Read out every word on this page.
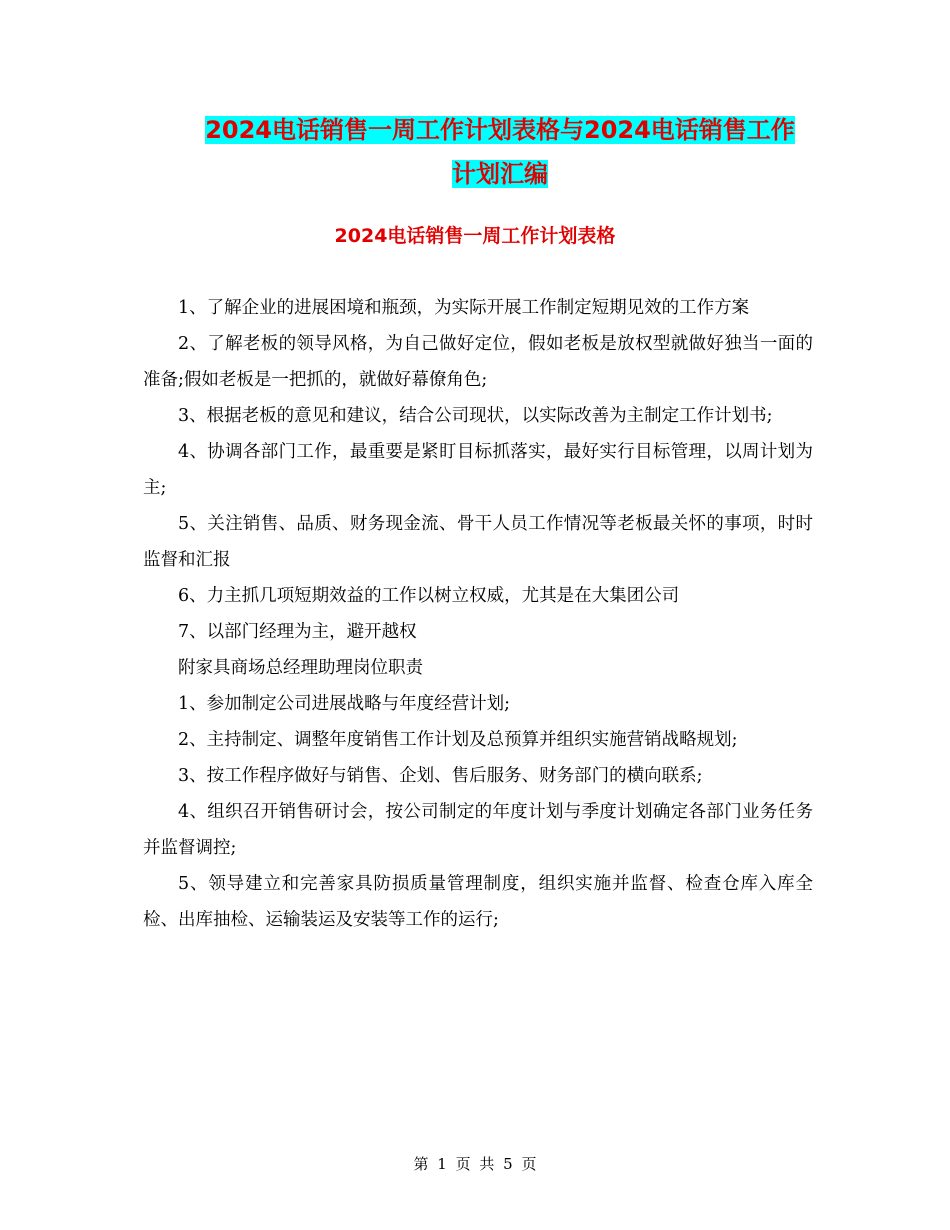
2024电话销售一周工作计划表格与2024电话销售工作
计划汇编
2024电话销售一周工作计划表格

1、了解企业的进展困境和瓶颈，为实际开展工作制定短期见效的工作方案

2、了解老板的领导风格，为自己做好定位，假如老板是放权型就做好独当一面的准备;假如老板是一把抓的，就做好幕僚角色;

3、根据老板的意见和建议，结合公司现状，以实际改善为主制定工作计划书;

4、协调各部门工作，最重要是紧盯目标抓落实，最好实行目标管理，以周计划为主;

5、关注销售、品质、财务现金流、骨干人员工作情况等老板最关怀的事项，时时监督和汇报

6、力主抓几项短期效益的工作以树立权威，尤其是在大集团公司

7、以部门经理为主，避开越权

附家具商场总经理助理岗位职责

1、参加制定公司进展战略与年度经营计划;

2、主持制定、调整年度销售工作计划及总预算并组织实施营销战略规划;

3、按工作程序做好与销售、企划、售后服务、财务部门的横向联系;

4、组织召开销售研讨会，按公司制定的年度计划与季度计划确定各部门业务任务并监督调控;

5、领导建立和完善家具防损质量管理制度，组织实施并监督、检查仓库入库全检、出库抽检、运输装运及安装等工作的运行;

第 1 页 共 5 页
